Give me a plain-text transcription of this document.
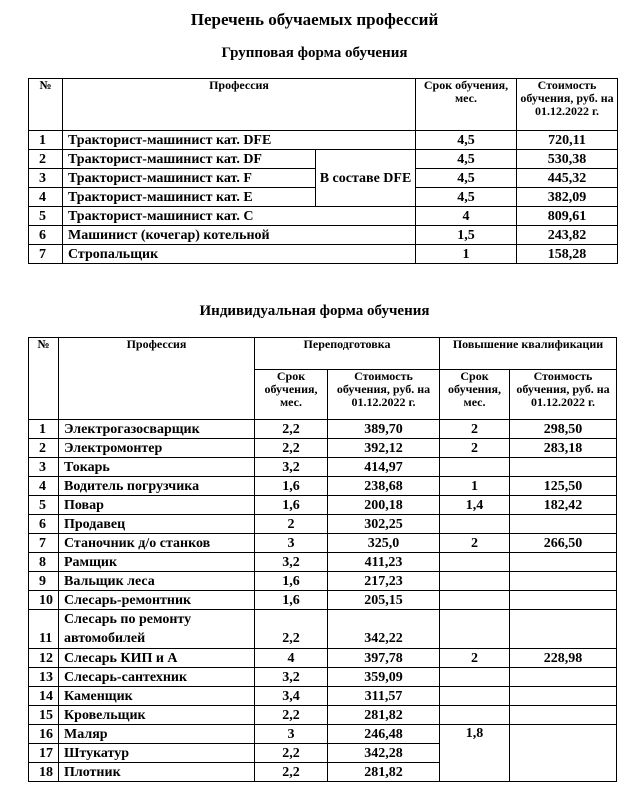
Перечень обучаемых профессий
Групповая форма обучения
№	Профессия		Срок обучения, мес.	Стоимость обучения, руб. на 01.12.2022 г.
1	Тракторист-машинист кат. DFE		4,5	720,11
2	Тракторист-машинист кат. DF	В составе DFE	4,5	530,38
3	Тракторист-машинист кат. F		4,5	445,32
4	Тракторист-машинист кат. E		4,5	382,09
5	Тракторист-машинист кат. C		4	809,61
6	Машинист (кочегар) котельной		1,5	243,82
7	Стропальщик		1	158,28
Индивидуальная форма обучения
№	Профессия	Переподготовка		Повышение квалификации	
		Срок обучения, мес.	Стоимость обучения, руб. на 01.12.2022 г.	Срок обучения, мес.	Стоимость обучения, руб. на 01.12.2022 г.
1	Электрогазосварщик	2,2	389,70	2	298,50
2	Электромонтер	2,2	392,12	2	283,18
3	Токарь	3,2	414,97		
4	Водитель погрузчика	1,6	238,68	1	125,50
5	Повар	1,6	200,18	1,4	182,42
6	Продавец	2	302,25		
7	Станочник д/о станков	3	325,0	2	266,50
8	Рамщик	3,2	411,23		
9	Вальщик леса	1,6	217,23		
10	Слесарь-ремонтник	1,6	205,15		
11	Слесарь по ремонту автомобилей	2,2	342,22		
12	Слесарь КИП и А	4	397,78	2	228,98
13	Слесарь-сантехник	3,2	359,09		
14	Каменщик	3,4	311,57		
15	Кровельщик	2,2	281,82		
16	Маляр	3	246,48	1,8	
17	Штукатур	2,2	342,28		
18	Плотник	2,2	281,82		
